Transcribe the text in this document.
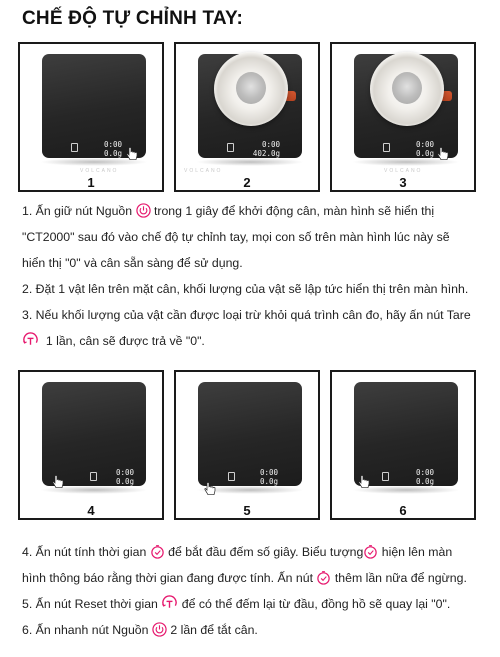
CHẾ ĐỘ TỰ CHỈNH TAY:
0:00
0.0g
VOLCANO
1
0:00
402.0g
VOLCANO
2
0:00
0.0g
VOLCANO
3
1. Ấn giữ nút Nguồn trong 1 giây để khởi động cân, màn hình sẽ hiển thị
"CT2000" sau đó vào chế độ tự chỉnh tay, mọi con số trên màn hình lúc này sẽ
hiển thị "0" và cân sẵn sàng để sử dụng.
2. Đặt 1 vật lên trên mặt cân, khối lượng của vật sẽ lập tức hiển thị trên màn hình.
3. Nếu khối lượng của vật cần được loại trừ khỏi quá trình cân đo, hãy ấn nút Tare
1 lần, cân sẽ được trả về "0".
0:00
0.0g
4
0:00
0.0g
5
0:00
0.0g
6
4. Ấn nút tính thời gian để bắt đầu đếm số giây. Biểu tượng hiện lên màn
hình thông báo rằng thời gian đang được tính. Ấn nút thêm lần nữa để ngừng.
5. Ấn nút Reset thời gian để có thể đếm lại từ đầu, đồng hồ sẽ quay lại "0".
6. Ấn nhanh nút Nguồn 2 lần để tắt cân.
